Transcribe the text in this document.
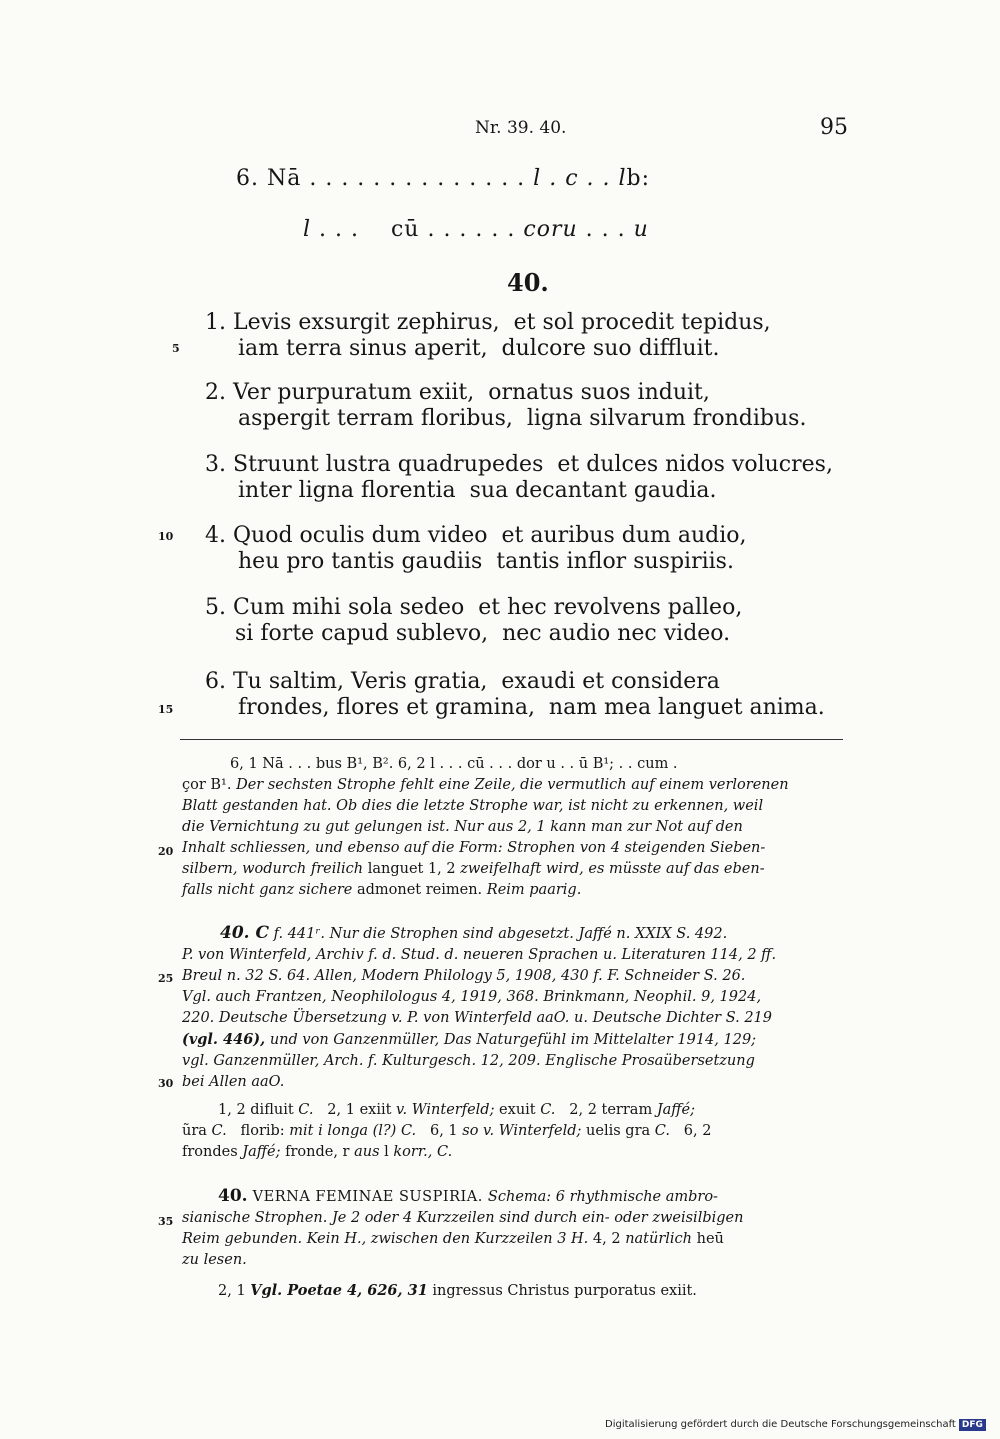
Nr. 39. 40.	95
6. Nā . . . . . . . . . . . . . . l . c . . lb:

l . . .    cū . . . . . . coru . . . u

40.
1. Levis exsurgit zephirus,  et sol procedit tepidus,
iam terra sinus aperit,  dulcore suo diffluit.
2. Ver purpuratum exiit,  ornatus suos induit,
aspergit terram floribus,  ligna silvarum frondibus.
3. Struunt lustra quadrupedes  et dulces nidos volucres,
inter ligna florentia  sua decantant gaudia.
4. Quod oculis dum video  et auribus dum audio,
heu pro tantis gaudiis  tantis inflor suspiriis.
5. Cum mihi sola sedeo  et hec revolvens palleo,
si forte capud sublevo,  nec audio nec video.
6. Tu saltim, Veris gratia,  exaudi et considera
frondes, flores et gramina,  nam mea languet anima.
5
10
15
20
25
30
35

6, 1 Nā . . . bus B¹, B². 6, 2 l . . . cū . . . dor u . . ū B¹; . . cum .

çor B¹. Der sechsten Strophe fehlt eine Zeile, die vermutlich auf einem verlorenen

Blatt gestanden hat. Ob dies die letzte Strophe war, ist nicht zu erkennen, weil

die Vernichtung zu gut gelungen ist. Nur aus 2, 1 kann man zur Not auf den

Inhalt schliessen, und ebenso auf die Form: Strophen von 4 steigenden Sieben-

silbern, wodurch freilich languet 1, 2 zweifelhaft wird, es müsste auf das eben-

falls nicht ganz sichere admonet reimen. Reim paarig.

40. C f. 441ʳ. Nur die Strophen sind abgesetzt. Jaffé n. XXIX S. 492.

P. von Winterfeld, Archiv f. d. Stud. d. neueren Sprachen u. Literaturen 114, 2 ff.

Breul n. 32 S. 64. Allen, Modern Philology 5, 1908, 430 f. F. Schneider S. 26.

Vgl. auch Frantzen, Neophilologus 4, 1919, 368. Brinkmann, Neophil. 9, 1924,

220. Deutsche Übersetzung v. P. von Winterfeld aaO. u. Deutsche Dichter S. 219

(vgl. 446), und von Ganzenmüller, Das Naturgefühl im Mittelalter 1914, 129;

vgl. Ganzenmüller, Arch. f. Kulturgesch. 12, 209. Englische Prosaübersetzung

bei Allen aaO.

1, 2 difluit C.   2, 1 exiit v. Winterfeld; exuit C.   2, 2 terram Jaffé;

ũra C.   florib: mit i longa (l?) C.   6, 1 so v. Winterfeld; uelis gra C.   6, 2

frondes Jaffé; fronde, r aus l korr., C.

40. VERNA FEMINAE SUSPIRIA. Schema: 6 rhythmische ambro-

sianische Strophen. Je 2 oder 4 Kurzzeilen sind durch ein- oder zweisilbigen

Reim gebunden. Kein H., zwischen den Kurzzeilen 3 H. 4, 2 natürlich heū

zu lesen.

2, 1 Vgl. Poetae 4, 626, 31 ingressus Christus purporatus exiit.

Digitalisierung gefördert durch die Deutsche Forschungsgemeinschaft DFG
